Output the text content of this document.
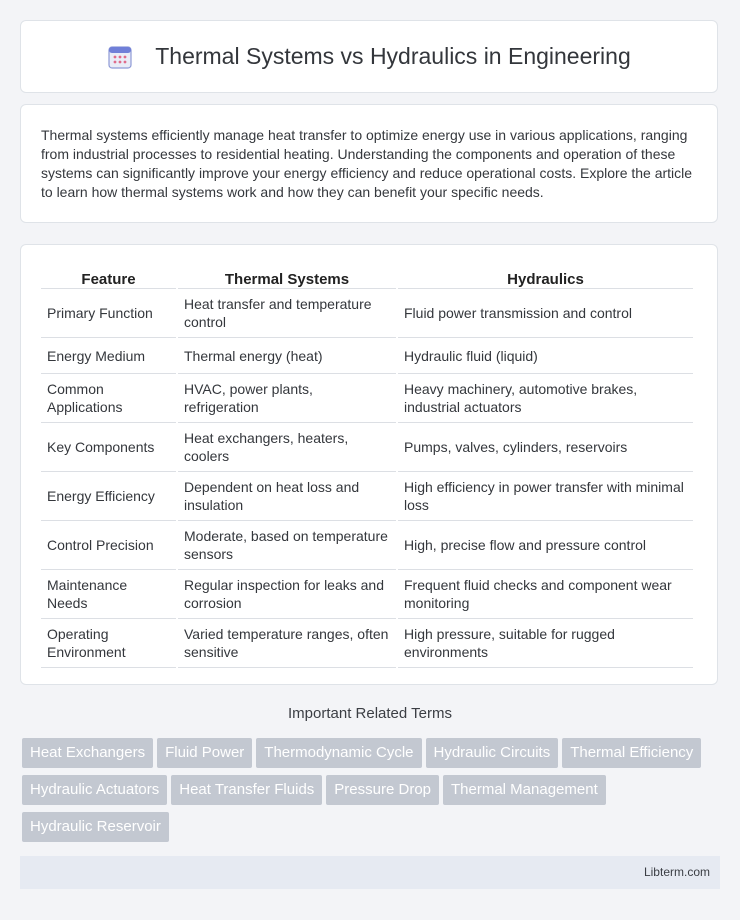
Thermal Systems vs Hydraulics in Engineering

Thermal systems efficiently manage heat transfer to optimize energy use in various applications, ranging from industrial processes to residential heating. Understanding the components and operation of these systems can significantly improve your energy efficiency and reduce operational costs. Explore the article to learn how thermal systems work and how they can benefit your specific needs.

Feature	Thermal Systems	Hydraulics
Primary Function	Heat transfer and temperature control	Fluid power transmission and control
Energy Medium	Thermal energy (heat)	Hydraulic fluid (liquid)
Common Applications	HVAC, power plants, refrigeration	Heavy machinery, automotive brakes, industrial actuators
Key Components	Heat exchangers, heaters, coolers	Pumps, valves, cylinders, reservoirs
Energy Efficiency	Dependent on heat loss and insulation	High efficiency in power transfer with minimal loss
Control Precision	Moderate, based on temperature sensors	High, precise flow and pressure control
Maintenance Needs	Regular inspection for leaks and corrosion	Frequent fluid checks and component wear monitoring
Operating Environment	Varied temperature ranges, often sensitive	High pressure, suitable for rugged environments
Important Related Terms
Heat Exchangers Fluid Power Thermodynamic Cycle Hydraulic Circuits Thermal EfficiencyHydraulic Actuators Heat Transfer Fluids Pressure Drop Thermal ManagementHydraulic Reservoir
Libterm.com
